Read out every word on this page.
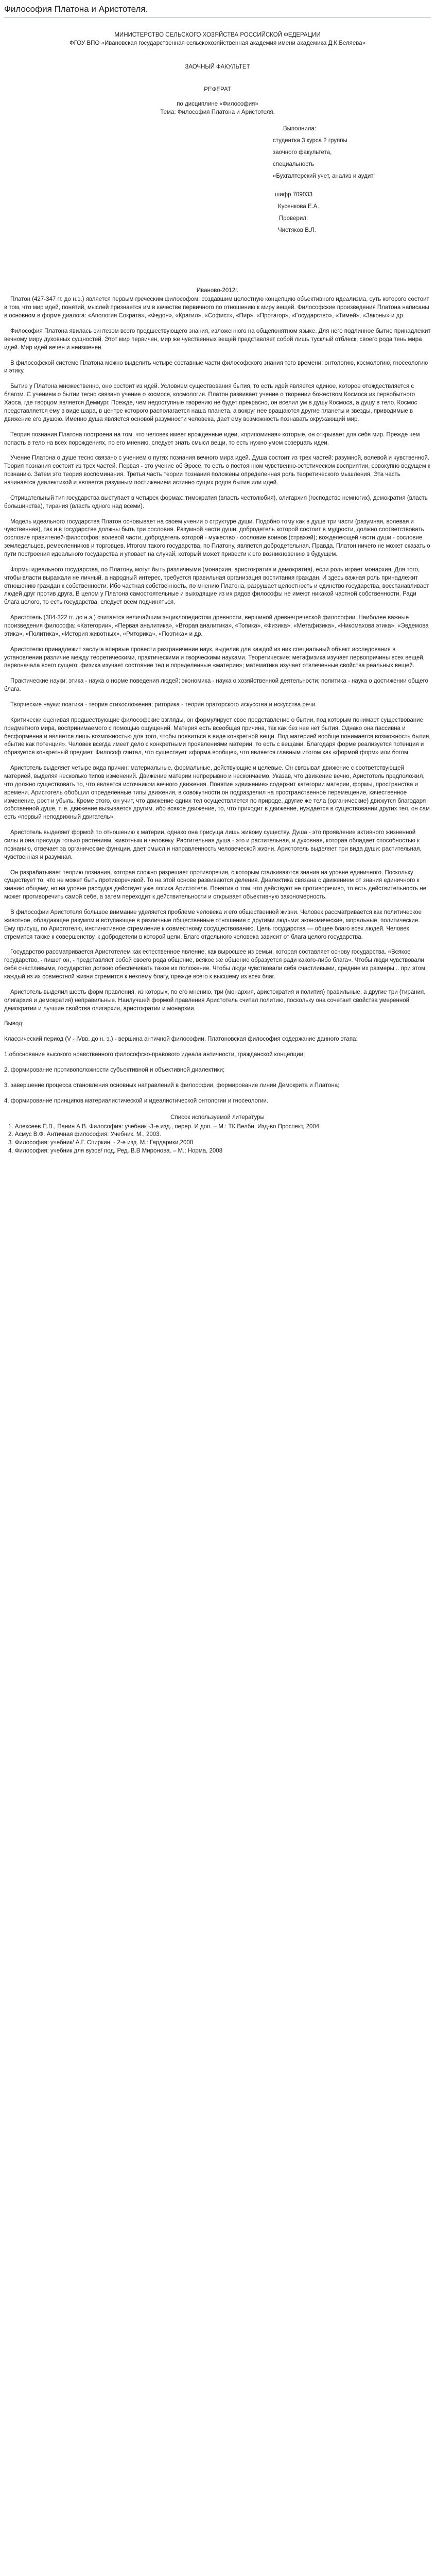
Философия Платона и Аристотеля.
МИНИСТЕРСТВО СЕЛЬСКОГО ХОЗЯЙСТВА РОССИЙСКОЙ ФЕДЕРАЦИИ
ФГОУ ВПО «Ивановская государственная сельскохозяйственная академия имени академика Д.К.Беляева»
ЗАОЧНЫЙ ФАКУЛЬТЕТ
РЕФЕРАТ
по дисциплине «Философия»
Тема: Философия Платона и Аристотеля.
Выполнила:
студентка 3 курса 2 группы
заочного факультета,
специальность
«Бухгалтерский учет, анализ и аудит”
шифр 709033
Кусенкова Е.А.
Проверил:
Чистяков В.Л.
Иваново-2012г.

Платон (427-347 гг. до н.э.) является первым греческим философом, создавшим целостную концепцию объективного идеализма, суть которого состоит в том, что мир идей, понятий, мыслей признается им в качестве первичного по отношению к миру вещей. Философские произведения Платона написаны в основном в форме диалога: «Апология Сократа», «Федон», «Кратил», «Софист», «Пир», «Протагор», «Государство», «Тимей», «Законы» и др.

Философия Платона явилась синтезом всего предшествующего знания, изложенного на общепонятном языке. Для него подлинное бытие принадлежит вечному миру духовных сущностей. Этот мир первичен, мир же чувственных вещей представляет собой лишь тусклый отблеск, своего рода тень мира идей. Мир идей вечен и неизменен.

В философской системе Платона можно выделить четыре составные части философского знания того времени: онтологию, космологию, гносеологию и этику.

Бытие у Платона множественно, оно состоит из идей. Условием существования бытия, то есть идей является единое, которое отождествляется с благом. С учением о бытии тесно связано учение о космосе, космология. Платон развивает учение о творении божеством Космоса из первобытного Хаоса, где творцом является Демиург. Прежде, чем недоступные творению не будет прекрасно, он вселил ум в душу Космоса, а душу в тело. Космос представляется ему в виде шара, в центре которого располагается наша планета, а вокруг нее вращаются другие планеты и звезды, приводимые в движение его душою. Именно душа является основой разумности человека, дает ему возможность познавать окружающий мир.

Теория познания Платона построена на том, что человек имеет врожденные идеи, «припоминая» которые, он открывает для себя мир. Прежде чем попасть в тело на всех порождениях, по его мнению, следует знать смысл вещи, то есть нужно умом созерцать идеи.

Учение Платона о душе тесно связано с учением о путях познания вечного мира идей. Душа состоит из трех частей: разумной, волевой и чувственной. Теория познания состоит из трех частей. Первая - это учение об Эросе, то есть о постоянном чувственно-эстетическом восприятии, совокупно ведущем к познанию. Затем это теория воспоминания. Третья часть теории познания положены определенная роль теоретического мышления. Эта часть начинается диалектикой и является разумным постижением истинно сущих родов бытия или идей.

Отрицательный тип государства выступает в четырех формах: тимократия (власть честолюбия), олигархия (господство немногих), демократия (власть большинства), тирания (власть одного над всеми).

Модель идеального государства Платон основывает на своем учении о структуре души. Подобно тому как в душе три части (разумная, волевая и чувственная), так и в государстве должны быть три сословия. Разумной части души, добродетель которой состоит в мудрости, должно соответствовать сословие правителей-философов; волевой части, добродетель которой - мужество - сословие воинов (стражей); вожделеющей части души - сословие земледельцев, ремесленников и торговцев. Итогом такого государства, по Платону, является добродетельная. Правда, Платон ничего не может сказать о пути построения идеального государства и уповает на случай, который может привести к его возникновению в будущем.

Формы идеального государства, по Платону, могут быть различными (монархия, аристократия и демократия), если роль играет монархия. Для того, чтобы власти выражали не личный, а народный интерес, требуется правильная организация воспитания граждан. И здесь важная роль принадлежит отношению граждан к собственности. Ибо частная собственность, по мнению Платона, разрушает целостность и единство государства, восстанавливает людей друг против друга. В целом у Платона самостоятельные и выходящие из их рядов философы не имеют никакой частной собственности. Ради блага целого, то есть государства, следует всем подчиняться.

Аристотель (384-322 гг. до н.э.) считается величайшим энциклопедистом древности, вершиной древнегреческой философии. Наиболее важные произведения философа: «Категории», «Первая аналитика», «Вторая аналитика», «Топика», «Физика», «Метафизика», «Никомахова этика», «Эвдемова этика», «Политика», «История животных», «Риторика», «Поэтика» и др.

Аристотелю принадлежит заслуга впервые провести разграничение наук, выделив для каждой из них специальный объект исследования в установлении различие между теоретическими, практическими и творческими науками. Теоретические: метафизика изучает первопричины всех вещей, первоначала всего сущего; физика изучает состояние тел и определенные «материи»; математика изучает отвлеченные свойства реальных вещей.

Практические науки: этика - наука о норме поведения людей; экономика - наука о хозяйственной деятельности; политика - наука о достижении общего блага.

Творческие науки: поэтика - теория стихосложения; риторика - теория ораторского искусства и искусства речи.

Критически оценивая предшествующие философские взгляды, он формулирует свое представление о бытии, под которым понимает существование предметного мира, воспринимаемого с помощью ощущений. Материя есть всеобщая причина, так как без нее нет бытия. Однако она пассивна и бесформенна и является лишь возможностью для того, чтобы появиться в виде конкретной вещи. Под материей вообще понимается возможность бытия, «бытие как потенция». Человек всегда имеет дело с конкретными проявлениями материи, то есть с вещами. Благодаря форме реализуется потенция и образуется конкретный предмет. Философ считал, что существует «форма вообще», что является главным итогом как «формой форм» или богом.

Аристотель выделяет четыре вида причин: материальные, формальные, действующие и целевые. Он связывал движение с соответствующей материей, выделяя несколько типов изменений. Движение материи непрерывно и нескончаемо. Указав, что движение вечно, Аристотель предположил, что должно существовать то, что является источником вечного движения. Понятие «движение» содержит категории материи, формы, пространства и времени. Аристотель обобщил определенные типы движения, в совокупности он подразделил на пространственное перемещение, качественное изменение, рост и убыль. Кроме этого, он учит, что движение одних тел осуществляется по природе, другие же тела (органические) движутся благодаря собственной душе, т. е. движение вызывается другим, ибо всякое движение, то, что приходит в движение, нуждается в существовании других тел, он сам есть «первый неподвижный двигатель».

Аристотель выделяет формой по отношению к материи, однако она присуща лишь живому существу. Душа - это проявление активного жизненной силы и она присуща только растениям, животным и человеку. Растительная душа - это и растительная, и духовная, которая обладает способностью к познанию, отвечает за органические функции, дает смысл и направленность человеческой жизни. Аристотель выделяет три вида души: растительная, чувственная и разумная.

Он разрабатывает теорию познания, которая сложно разрешает противоречия, с которым сталкиваются знания на уровне единичного. Поскольку существует то, что не может быть противоречивой. То на этой основе развиваются деления. Диалектика связана с движением от знания единичного к знанию общему, но на уровне рассудка действует уже логика Аристотеля. Понятия о том, что действуют не противоречиво, то есть действительность не может противоречить самой себе, а затем переходит к действительности и открывает объективную закономерность.

В философии Аристотеля большое внимание уделяется проблеме человека и его общественной жизни. Человек рассматривается как политическое животное, обладающее разумом и вступающее в различные общественные отношения с другими людьми: экономические, моральные, политические. Ему присущ, по Аристотелю, инстинктивное стремление к совместному сосуществованию. Цель государства — общее благо всех людей. Человек стремится также к совершенству, к добродетели в которой цели. Благо отдельного человека зависит от блага целого государства.

Государство рассматривается Аристотелем как естественное явление, как выросшее из семьи, которая составляет основу государства. «Всякое государство, - пишет он, - представляет собой своего рода общение, всякое же общение образуется ради какого-либо блага». Чтобы люди чувствовали себя счастливыми, государство должно обеспечивать такое их положение. Чтобы люди чувствовали себя счастливыми, средние их размеры... при этом каждый из их совместной жизни стремится к некоему благу, прежде всего к высшему из всех благ.

Аристотель выделил шесть форм правления, из которых, по его мнению, три (монархия, аристократия и полития) правильные, а другие три (тирания, олигархия и демократия) неправильные. Наилучшей формой правления Аристотель считал политию, поскольку она сочетает свойства умеренной демократии и лучшие свойства олигархии, аристократии и монархии.

Вывод:

Классический период (V - IVвв. до н. э.) - вершина античной философии. Платоновская философия содержание данного этапа:

1.обоснование высокого нравственного философско-правового идеала античности, гражданской концепции;

2. формирование противоположности субъективной и объективной диалектики;

3. завершение процесса становления основных направлений в философии, формирование линии Демокрита и Платона;

4. формирование принципов материалистической и идеалистической онтологии и гносеологии.

Список используемой литературы
1. Алексеев П.В., Панин А.В. Философия: учебник -3-е изд., перер. И доп. – М.: ТК Велби, Изд-во Проспект, 2004
2. Асмус В.Ф. Античная философия: Учебник. М., 2003.
3. Философия: учебник/ А.Г. Спиркин. - 2-е изд. М.: Гардарики,2008
4. Философия: учебник для вузов/ под. Ред. В.В Миронова. – М.: Норма, 2008
